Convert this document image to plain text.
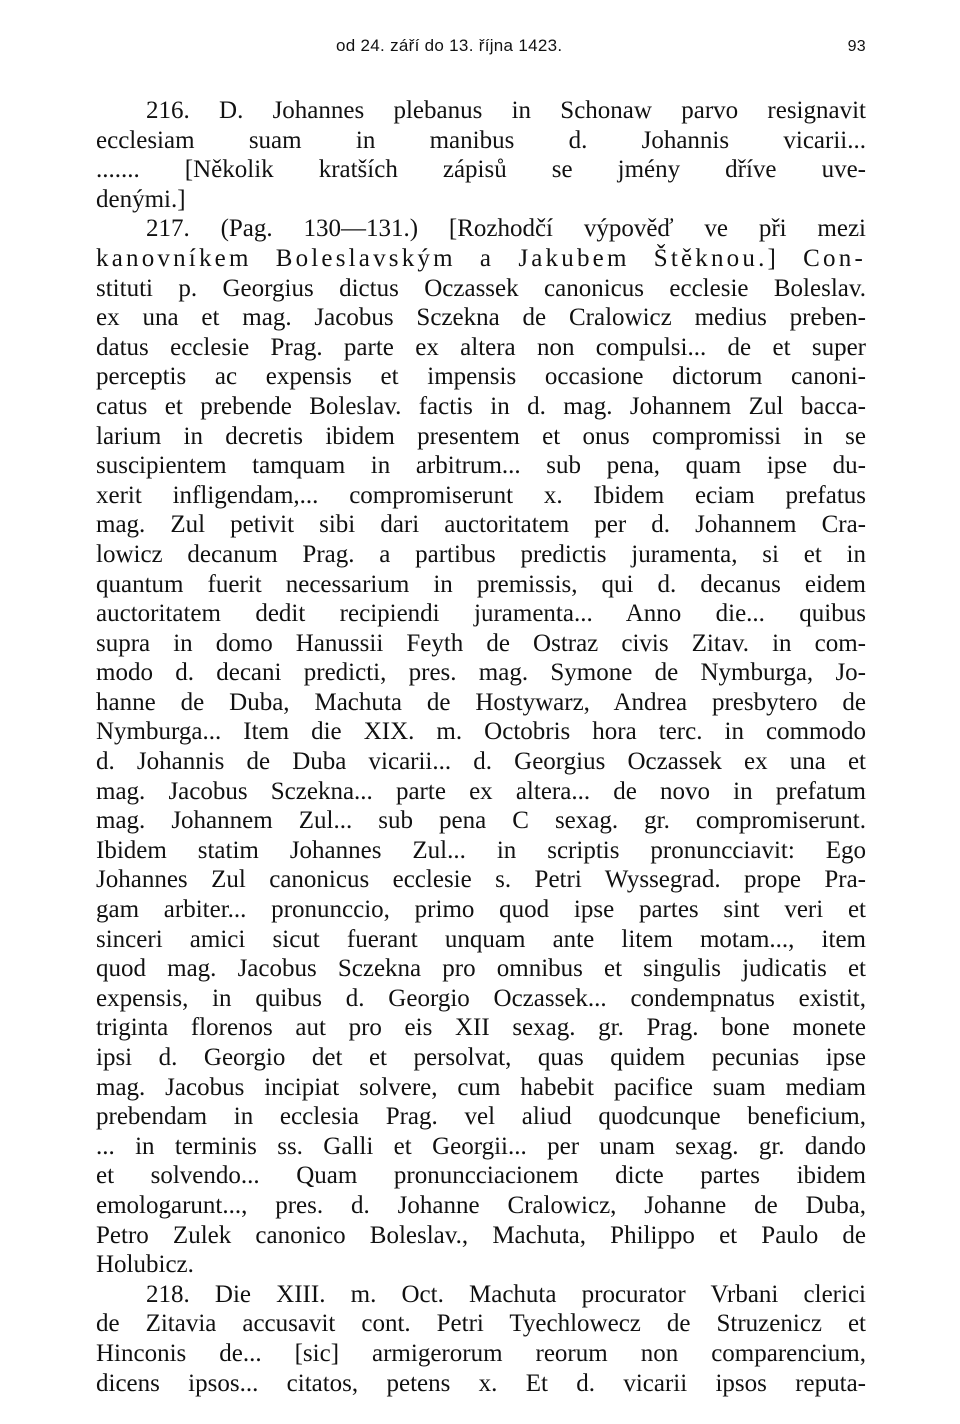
od 24. září do 13. října 1423.	93
216. D. Johannes plebanus in Schonaw parvo resignavit
ecclesiam suam in manibus d. Johannis vicarii...
....... [Několik kratších zápisů se jmény dříve uve-
denými.]
217. (Pag. 130—131.) [Rozhodčí výpověď ve při mezi
kanovníkem Boleslavským a Jakubem Štěknou.] Con-
stituti p. Georgius dictus Oczassek canonicus ecclesie Boleslav.
ex una et mag. Jacobus Sczekna de Cralowicz medius preben-
datus ecclesie Prag. parte ex altera non compulsi... de et super
perceptis ac expensis et impensis occasione dictorum canoni-
catus et prebende Boleslav. factis in d. mag. Johannem Zul bacca-
larium in decretis ibidem presentem et onus compromissi in se
suscipientem tamquam in arbitrum... sub pena, quam ipse du-
xerit infligendam,... compromiserunt x. Ibidem eciam prefatus
mag. Zul petivit sibi dari auctoritatem per d. Johannem Cra-
lowicz decanum Prag. a partibus predictis juramenta, si et in
quantum fuerit necessarium in premissis, qui d. decanus eidem
auctoritatem dedit recipiendi juramenta... Anno die... quibus
supra in domo Hanussii Feyth de Ostraz civis Zitav. in com-
modo d. decani predicti, pres. mag. Symone de Nymburga, Jo-
hanne de Duba, Machuta de Hostywarz, Andrea presbytero de
Nymburga... Item die XIX. m. Octobris hora terc. in commodo
d. Johannis de Duba vicarii... d. Georgius Oczassek ex una et
mag. Jacobus Sczekna... parte ex altera... de novo in prefatum
mag. Johannem Zul... sub pena C sexag. gr. compromiserunt.
Ibidem statim Johannes Zul... in scriptis pronuncciavit: Ego
Johannes Zul canonicus ecclesie s. Petri Wyssegrad. prope Pra-
gam arbiter... pronunccio, primo quod ipse partes sint veri et
sinceri amici sicut fuerant unquam ante litem motam..., item
quod mag. Jacobus Sczekna pro omnibus et singulis judicatis et
expensis, in quibus d. Georgio Oczassek... condempnatus existit,
triginta florenos aut pro eis XII sexag. gr. Prag. bone monete
ipsi d. Georgio det et persolvat, quas quidem pecunias ipse
mag. Jacobus incipiat solvere, cum habebit pacifice suam mediam
prebendam in ecclesia Prag. vel aliud quodcunque beneficium,
... in terminis ss. Galli et Georgii... per unam sexag. gr. dando
et solvendo... Quam pronuncciacionem dicte partes ibidem
emologarunt..., pres. d. Johanne Cralowicz, Johanne de Duba,
Petro Zulek canonico Boleslav., Machuta, Philippo et Paulo de
Holubicz.
218. Die XIII. m. Oct. Machuta procurator Vrbani clerici
de Zitavia accusavit cont. Petri Tyechlowecz de Struzenicz et
Hinconis de... [sic] armigerorum reorum non comparencium,
dicens ipsos... citatos, petens x. Et d. vicarii ipsos reputa-
